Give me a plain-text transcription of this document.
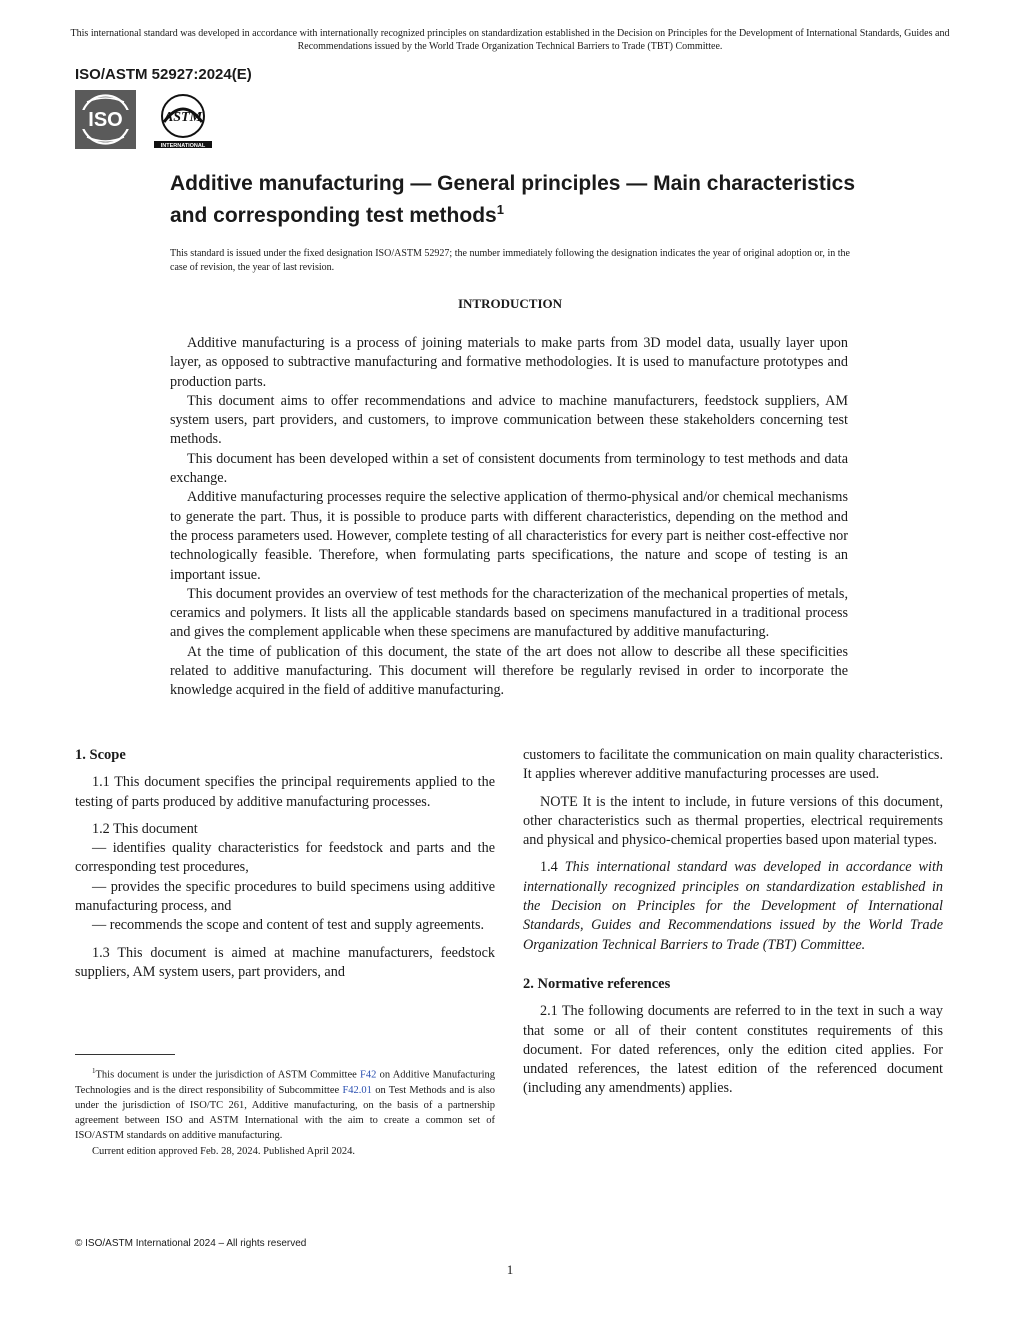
This international standard was developed in accordance with internationally recognized principles on standardization established in the Decision on Principles for the Development of International Standards, Guides and Recommendations issued by the World Trade Organization Technical Barriers to Trade (TBT) Committee.
ISO/ASTM 52927:2024(E)
ISO	ASTM
INTERNATIONAL
Additive manufacturing — General principles — Main characteristics and corresponding test methods$^1$
This standard is issued under the fixed designation ISO/ASTM 52927; the number immediately following the designation indicates the year of original adoption or, in the case of revision, the year of last revision.
INTRODUCTION

Additive manufacturing is a process of joining materials to make parts from 3D model data, usually layer upon layer, as opposed to subtractive manufacturing and formative methodologies. It is used to manufacture prototypes and production parts.

This document aims to offer recommendations and advice to machine manufacturers, feedstock suppliers, AM system users, part providers, and customers, to improve communication between these stakeholders concerning test methods.

This document has been developed within a set of consistent documents from terminology to test methods and data exchange.

Additive manufacturing processes require the selective application of thermo-physical and/or chemical mechanisms to generate the part. Thus, it is possible to produce parts with different characteristics, depending on the method and the process parameters used. However, complete testing of all characteristics for every part is neither cost-effective nor technologically feasible. Therefore, when formulating parts specifications, the nature and scope of testing is an important issue.

This document provides an overview of test methods for the characterization of the mechanical properties of metals, ceramics and polymers. It lists all the applicable standards based on specimens manufactured in a traditional process and gives the complement applicable when these specimens are manufactured by additive manufacturing.

At the time of publication of this document, the state of the art does not allow to describe all these specificities related to additive manufacturing. This document will therefore be regularly revised in order to incorporate the knowledge acquired in the field of additive manufacturing.

1. Scope

1.1 This document specifies the principal requirements applied to the testing of parts produced by additive manufacturing processes.

1.2 This document

— identifies quality characteristics for feedstock and parts and the corresponding test procedures,

— provides the specific procedures to build specimens using additive manufacturing process, and

— recommends the scope and content of test and supply agreements.

1.3 This document is aimed at machine manufacturers, feedstock suppliers, AM system users, part providers, and

$^1$This document is under the jurisdiction of ASTM Committee F42 on Additive Manufacturing Technologies and is the direct responsibility of Subcommittee F42.01 on Test Methods and is also under the jurisdiction of ISO/TC 261, Additive manufacturing, on the basis of a partnership agreement between ISO and ASTM International with the aim to create a common set of ISO/ASTM standards on additive manufacturing.

Current edition approved Feb. 28, 2024. Published April 2024.

customers to facilitate the communication on main quality characteristics. It applies wherever additive manufacturing processes are used.

NOTE It is the intent to include, in future versions of this document, other characteristics such as thermal properties, electrical requirements and physical and physico-chemical properties based upon material types.

1.4 This international standard was developed in accordance with internationally recognized principles on standardization established in the Decision on Principles for the Development of International Standards, Guides and Recommendations issued by the World Trade Organization Technical Barriers to Trade (TBT) Committee.

2. Normative references

2.1 The following documents are referred to in the text in such a way that some or all of their content constitutes requirements of this document. For dated references, only the edition cited applies. For undated references, the latest edition of the referenced document (including any amendments) applies.

© ISO/ASTM International 2024 – All rights reserved
1
